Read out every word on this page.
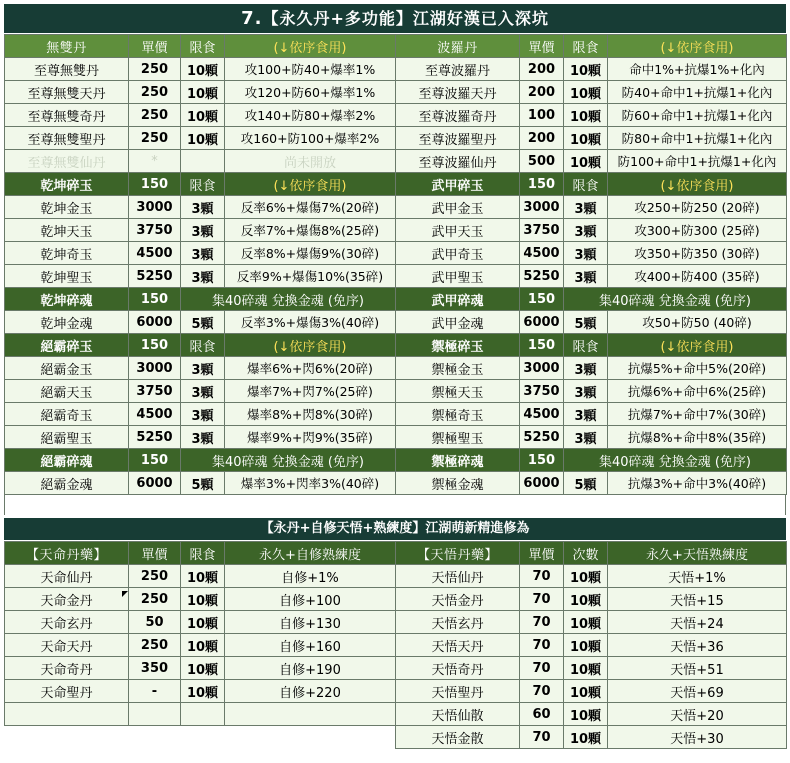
7.【永久丹+多功能】江湖好漢已入深坑
無雙丹	單價	限食	(↓依序食用)
至尊無雙丹	250	10顆	攻100+防40+爆率1%
至尊無雙天丹	250	10顆	攻120+防60+爆率1%
至尊無雙奇丹	250	10顆	攻140+防80+爆率2%
至尊無雙聖丹	250	10顆	攻160+防100+爆率2%
至尊無雙仙丹	*		尚未開放
乾坤碎玉	150	限食	(↓依序食用)
乾坤金玉	3000	3顆	反率6%+爆傷7%(20碎)
乾坤天玉	3750	3顆	反率7%+爆傷8%(25碎)
乾坤奇玉	4500	3顆	反率8%+爆傷9%(30碎)
乾坤聖玉	5250	3顆	反率9%+爆傷10%(35碎)
乾坤碎魂	150	集40碎魂 兌換金魂 (免序)	
乾坤金魂	6000	5顆	反率3%+爆傷3%(40碎)
絕霸碎玉	150	限食	(↓依序食用)
絕霸金玉	3000	3顆	爆率6%+閃6%(20碎)
絕霸天玉	3750	3顆	爆率7%+閃7%(25碎)
絕霸奇玉	4500	3顆	爆率8%+閃8%(30碎)
絕霸聖玉	5250	3顆	爆率9%+閃9%(35碎)
絕霸碎魂	150	集40碎魂 兌換金魂 (免序)	
絕霸金魂	6000	5顆	爆率3%+閃率3%(40碎)
波羅丹	單價	限食	(↓依序食用)
至尊波羅丹	200	10顆	命中1%+抗爆1%+化內
至尊波羅天丹	200	10顆	防40+命中1+抗爆1+化內
至尊波羅奇丹	100	10顆	防60+命中1+抗爆1+化內
至尊波羅聖丹	200	10顆	防80+命中1+抗爆1+化內
至尊波羅仙丹	500	10顆	防100+命中1+抗爆1+化內
武甲碎玉	150	限食	(↓依序食用)
武甲金玉	3000	3顆	攻250+防250 (20碎)
武甲天玉	3750	3顆	攻300+防300 (25碎)
武甲奇玉	4500	3顆	攻350+防350 (30碎)
武甲聖玉	5250	3顆	攻400+防400 (35碎)
武甲碎魂	150	集40碎魂 兌換金魂 (免序)	
武甲金魂	6000	5顆	攻50+防50 (40碎)
禦極碎玉	150	限食	(↓依序食用)
禦極金玉	3000	3顆	抗爆5%+命中5%(20碎)
禦極天玉	3750	3顆	抗爆6%+命中6%(25碎)
禦極奇玉	4500	3顆	抗爆7%+命中7%(30碎)
禦極聖玉	5250	3顆	抗爆8%+命中8%(35碎)
禦極碎魂	150	集40碎魂 兌換金魂 (免序)	
禦極金魂	6000	5顆	抗爆3%+命中3%(40碎)
【永丹+自修天悟+熟練度】江湖萌新精進修為
【天命丹藥】	單價	限食	永久+自修熟練度
天命仙丹	250	10顆	自修+1%
天命金丹	250	10顆	自修+100
天命玄丹	50	10顆	自修+130
天命天丹	250	10顆	自修+160
天命奇丹	350	10顆	自修+190
天命聖丹	-	10顆	自修+220

【天悟丹藥】	單價	次數	永久+天悟熟練度
天悟仙丹	70	10顆	天悟+1%
天悟金丹	70	10顆	天悟+15
天悟玄丹	70	10顆	天悟+24
天悟天丹	70	10顆	天悟+36
天悟奇丹	70	10顆	天悟+51
天悟聖丹	70	10顆	天悟+69
天悟仙散	60	10顆	天悟+20
天悟金散	70	10顆	天悟+30
